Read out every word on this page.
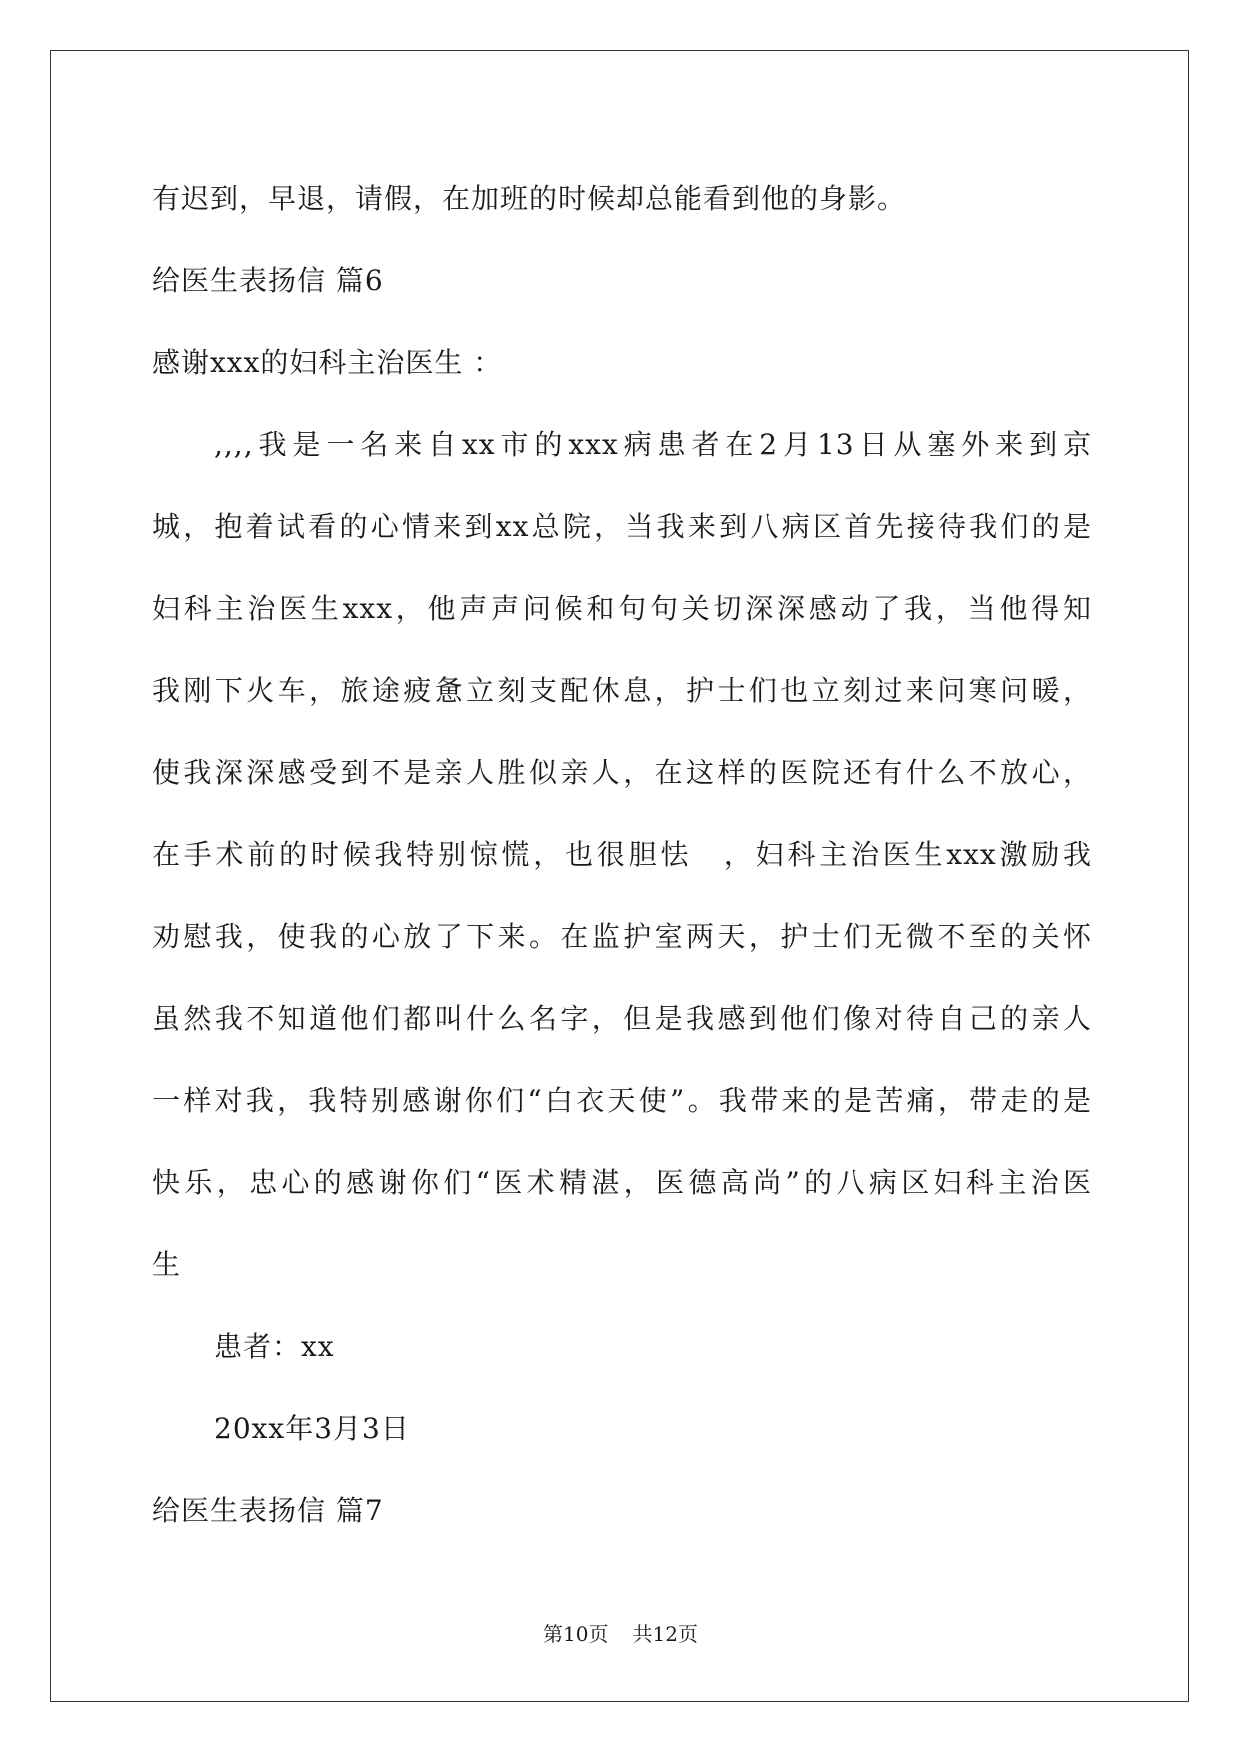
有迟到，早退，请假，在加班的时候却总能看到他的身影。
给医生表扬信 篇6
感谢xxx的妇科主治医生 ：
,,,,我是一名来自xx市的xxx病患者在2月13日从塞外来到京
城，抱着试看的心情来到xx总院，当我来到八病区首先接待我们的是
妇科主治医生xxx，他声声问候和句句关切深深感动了我，当他得知
我刚下火车，旅途疲惫立刻支配休息，护士们也立刻过来问寒问暖，
使我深深感受到不是亲人胜似亲人，在这样的医院还有什么不放心，
在手术前的时候我特别惊慌，也很胆怯　，妇科主治医生xxx激励我
劝慰我，使我的心放了下来。在监护室两天，护士们无微不至的关怀
虽然我不知道他们都叫什么名字，但是我感到他们像对待自己的亲人
一样对我，我特别感谢你们“白衣天使”。我带来的是苦痛，带走的是
快乐，忠心的感谢你们“医术精湛，医德高尚”的八病区妇科主治医
生
患者：xx
20xx年3月3日
给医生表扬信 篇7
第10页 共12页
